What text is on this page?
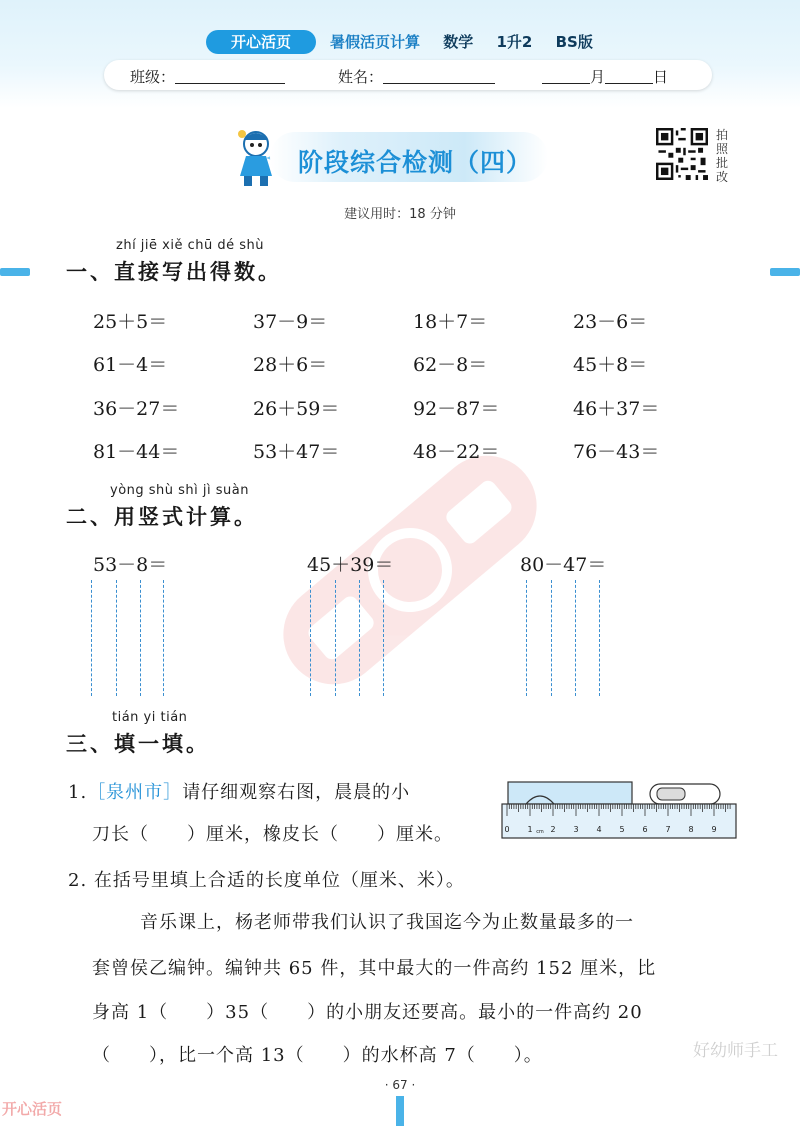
开心活页	暑假活页计算 数学 1升2 BS版
班级：	姓名：	月	日
阶段综合检测（四）
拍
照
批
改
建议用时：18 分钟
zhí jiē xiě chū dé shù
一、直接写出得数。
25＋5＝	37－9＝	18＋7＝	23－6＝
61－4＝	28＋6＝	62－8＝	45＋8＝
36－27＝	26＋59＝	92－87＝	46＋37＝
81－44＝	53＋47＝	48－22＝	76－43＝
yòng shù shì jì suàn
二、用竖式计算。
53－8＝	45＋39＝	80－47＝
tián yi tián
三、填一填。
1.［泉州市］请仔细观察右图，晨晨的小
刀长（　　）厘米，橡皮长（　　）厘米。	0 1 cm 2 3 4 5 6 7 8 9
2. 在括号里填上合适的长度单位（厘米、米）。
音乐课上，杨老师带我们认识了我国迄今为止数量最多的一
套曾侯乙编钟。编钟共 65 件，其中最大的一件高约 152 厘米，比
身高 1（　　）35（　　）的小朋友还要高。最小的一件高约 20
（　　），比一个高 13（　　）的水杯高 7（　　）。	好幼师手工
· 67 ·
开心活页
